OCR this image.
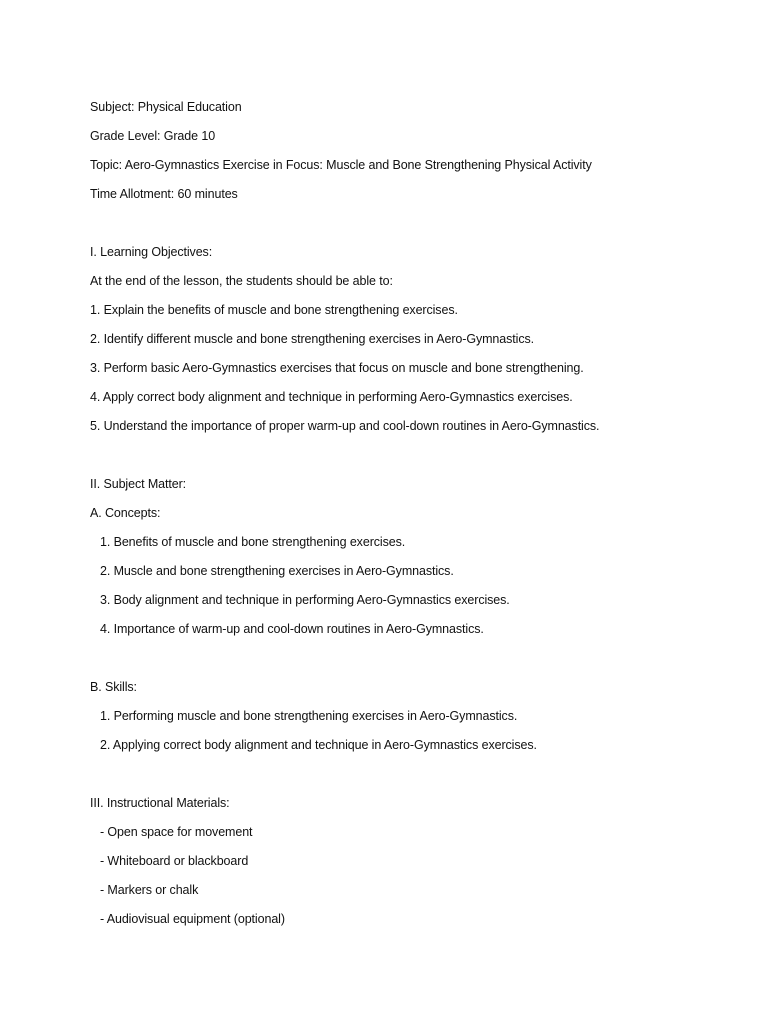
Subject: Physical Education
Grade Level: Grade 10
Topic: Aero-Gymnastics Exercise in Focus: Muscle and Bone Strengthening Physical Activity
Time Allotment: 60 minutes
I. Learning Objectives:
At the end of the lesson, the students should be able to:
1. Explain the benefits of muscle and bone strengthening exercises.
2. Identify different muscle and bone strengthening exercises in Aero-Gymnastics.
3. Perform basic Aero-Gymnastics exercises that focus on muscle and bone strengthening.
4. Apply correct body alignment and technique in performing Aero-Gymnastics exercises.
5. Understand the importance of proper warm-up and cool-down routines in Aero-Gymnastics.
II. Subject Matter:
A. Concepts:
1. Benefits of muscle and bone strengthening exercises.
2. Muscle and bone strengthening exercises in Aero-Gymnastics.
3. Body alignment and technique in performing Aero-Gymnastics exercises.
4. Importance of warm-up and cool-down routines in Aero-Gymnastics.
B. Skills:
1. Performing muscle and bone strengthening exercises in Aero-Gymnastics.
2. Applying correct body alignment and technique in Aero-Gymnastics exercises.
III. Instructional Materials:
- Open space for movement
- Whiteboard or blackboard
- Markers or chalk
- Audiovisual equipment (optional)
